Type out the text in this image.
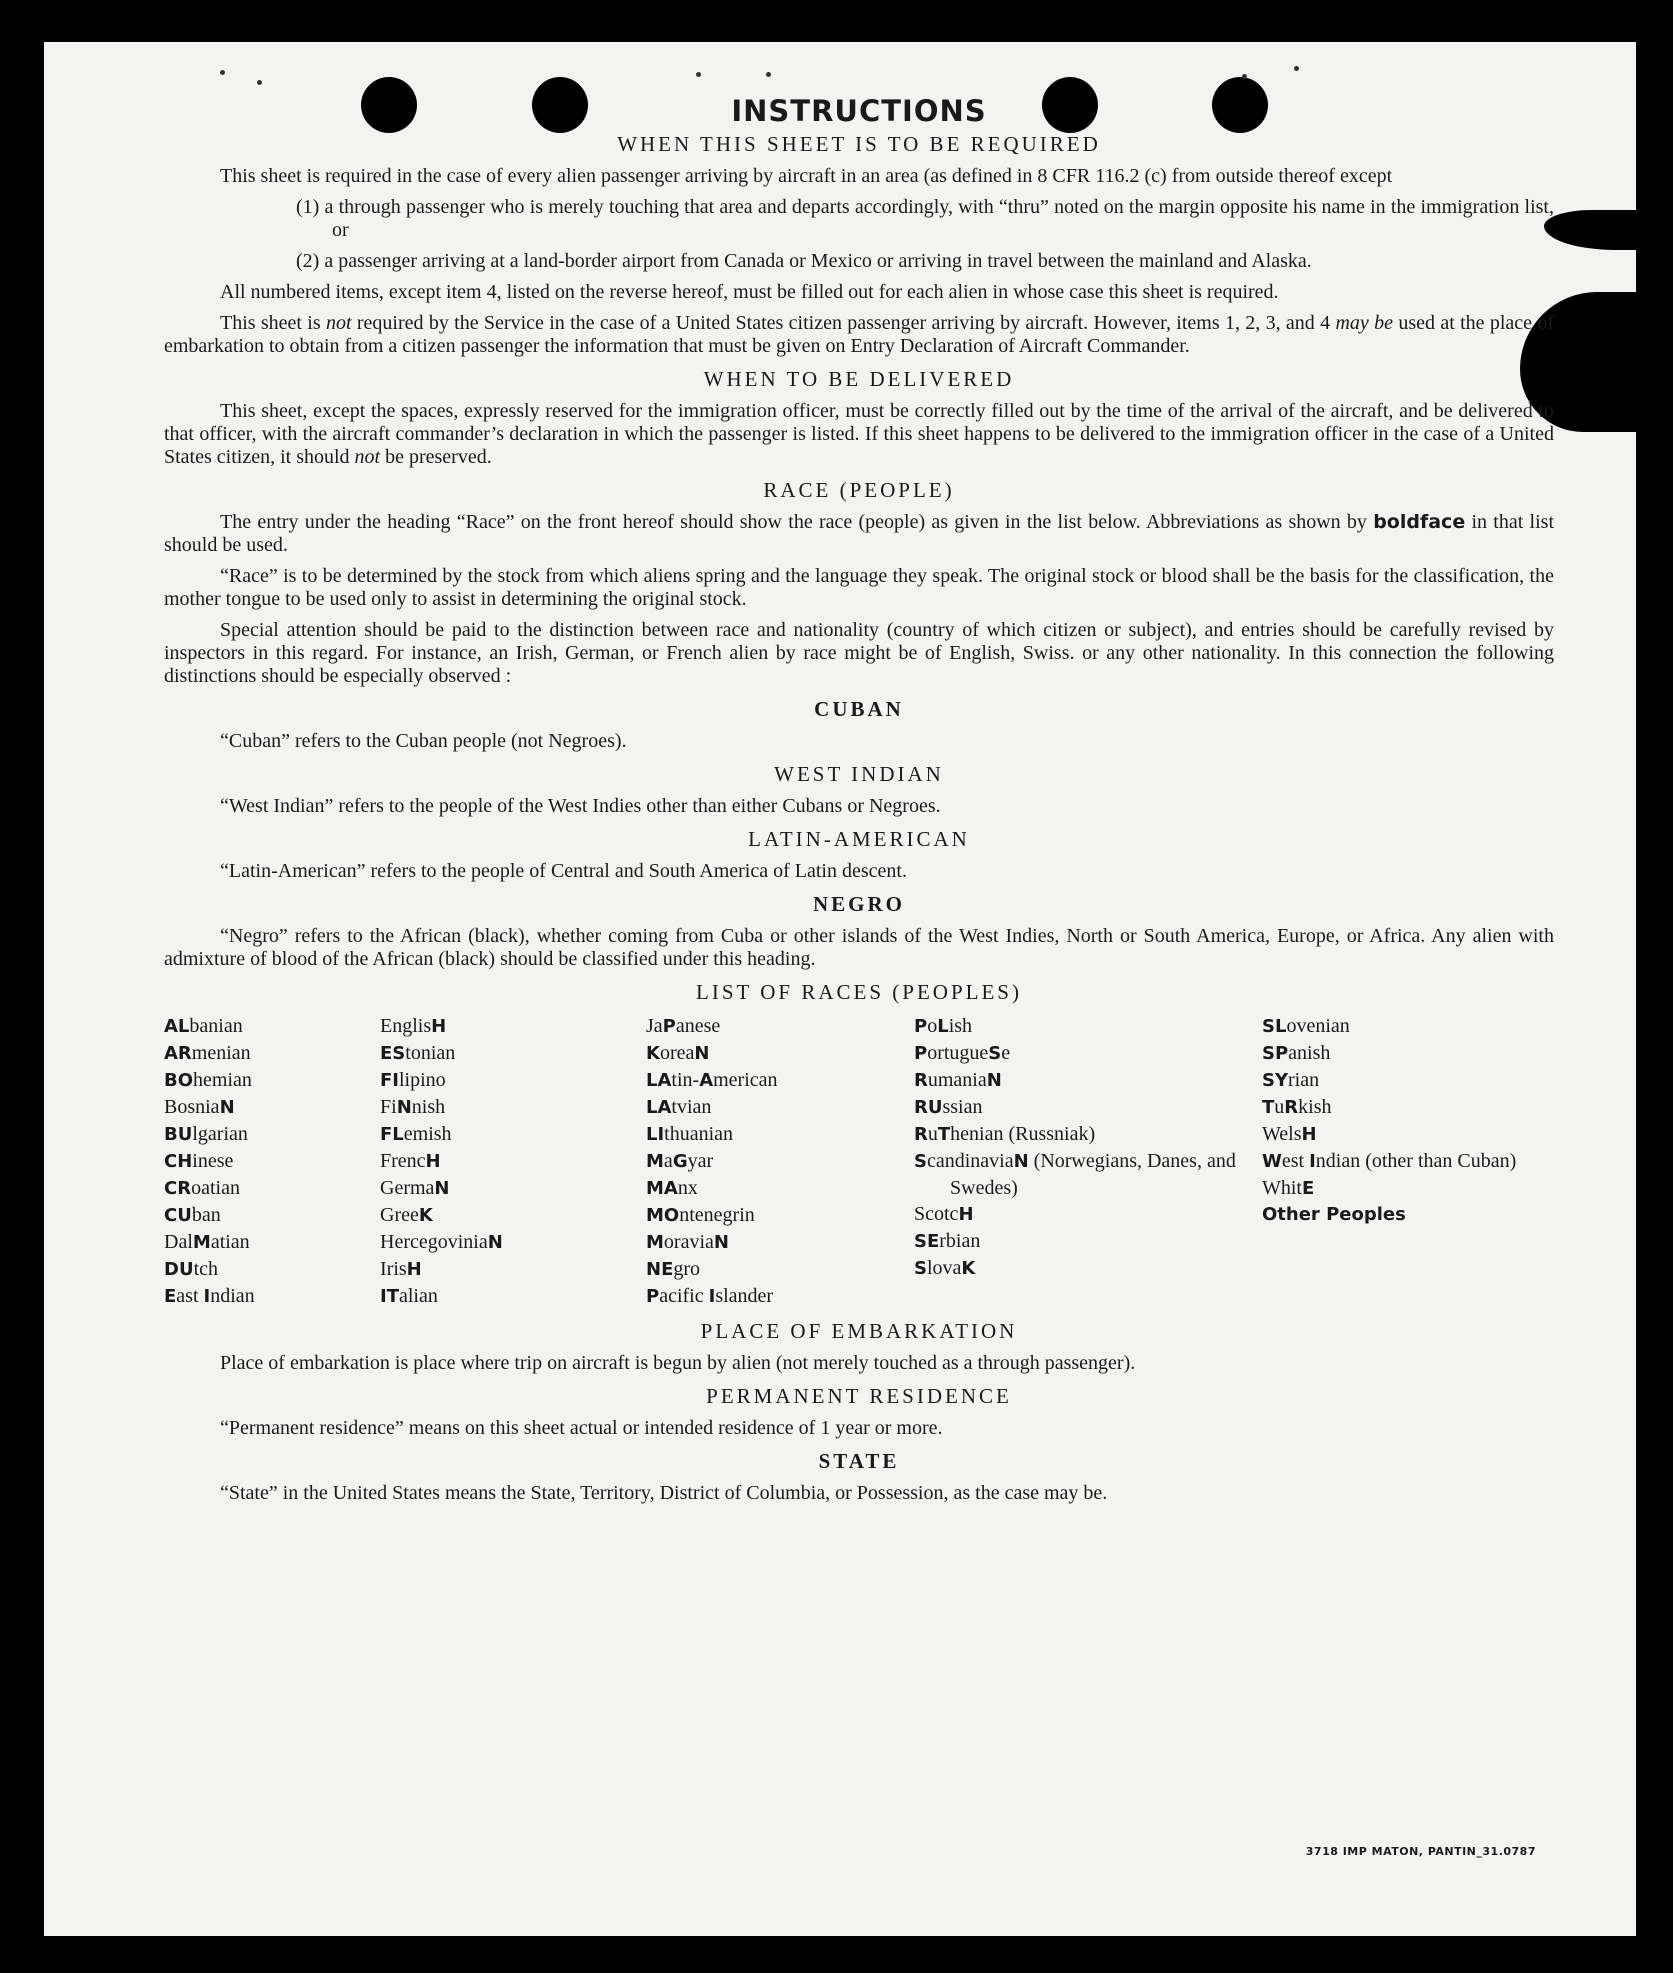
INSTRUCTIONS
WHEN THIS SHEET IS TO BE REQUIRED

This sheet is required in the case of every alien passenger arriving by aircraft in an area (as defined in 8 CFR 116.2 (c) from outside thereof except

(1) a through passenger who is merely touching that area and departs accordingly, with “thru” noted on the margin opposite his name in the immigration list, or
(2) a passenger arriving at a land-border airport from Canada or Mexico or arriving in travel between the mainland and Alaska.

All numbered items, except item 4, listed on the reverse hereof, must be filled out for each alien in whose case this sheet is required.

This sheet is not required by the Service in the case of a United States citizen passenger arriving by aircraft. However, items 1, 2, 3, and 4 may be used at the place of embarkation to obtain from a citizen passenger the information that must be given on Entry Declaration of Aircraft Commander.

WHEN TO BE DELIVERED

This sheet, except the spaces, expressly reserved for the immigration officer, must be correctly filled out by the time of the arrival of the aircraft, and be delivered to that officer, with the aircraft commander’s declaration in which the passenger is listed. If this sheet happens to be delivered to the immigration officer in the case of a United States citizen, it should not be preserved.

RACE (PEOPLE)

The entry under the heading “Race” on the front hereof should show the race (people) as given in the list below. Abbreviations as shown by boldface in that list should be used.

“Race” is to be determined by the stock from which aliens spring and the language they speak. The original stock or blood shall be the basis for the classification, the mother tongue to be used only to assist in determining the original stock.

Special attention should be paid to the distinction between race and nationality (country of which citizen or subject), and entries should be carefully revised by inspectors in this regard. For instance, an Irish, German, or French alien by race might be of English, Swiss. or any other nationality. In this connection the following distinctions should be especially observed :

CUBAN

“Cuban” refers to the Cuban people (not Negroes).

WEST INDIAN

“West Indian” refers to the people of the West Indies other than either Cubans or Negroes.

LATIN-AMERICAN

“Latin-American” refers to the people of Central and South America of Latin descent.

NEGRO

“Negro” refers to the African (black), whether coming from Cuba or other islands of the West Indies, North or South America, Europe, or Africa. Any alien with admixture of blood of the African (black) should be classified under this heading.

LIST OF RACES (PEOPLES)
ALbanian
ARmenian
BOhemian
BosniaN
BUlgarian
CHinese
CRoatian
CUban
DalMatian
DUtch
East Indian
EnglisH
EStonian
FIlipino
FiNnish
FLemish
FrencH
GermaN
GreeK
HercegoviniaN
IrisH
ITalian
JaPanese
KoreaN
LAtin-American
LAtvian
LIthuanian
MaGyar
MAnx
MOntenegrin
MoraviaN
NEgro
Pacific Islander
PoLish
PortugueSe
RumaniaN
RUssian
RuThenian (Russniak)
ScandinaviaN (Norwegians, Danes, and Swedes)
ScotcH
SErbian
SlovaK
SLovenian
SPanish
SYrian
TuRkish
WelsH
West Indian (other than Cuban)
WhitE
Other Peoples
PLACE OF EMBARKATION

Place of embarkation is place where trip on aircraft is begun by alien (not merely touched as a through passenger).

PERMANENT RESIDENCE

“Permanent residence” means on this sheet actual or intended residence of 1 year or more.

STATE

“State” in the United States means the State, Territory, District of Columbia, or Possession, as the case may be.

3718 IMP MATON, PANTIN_31.0787
